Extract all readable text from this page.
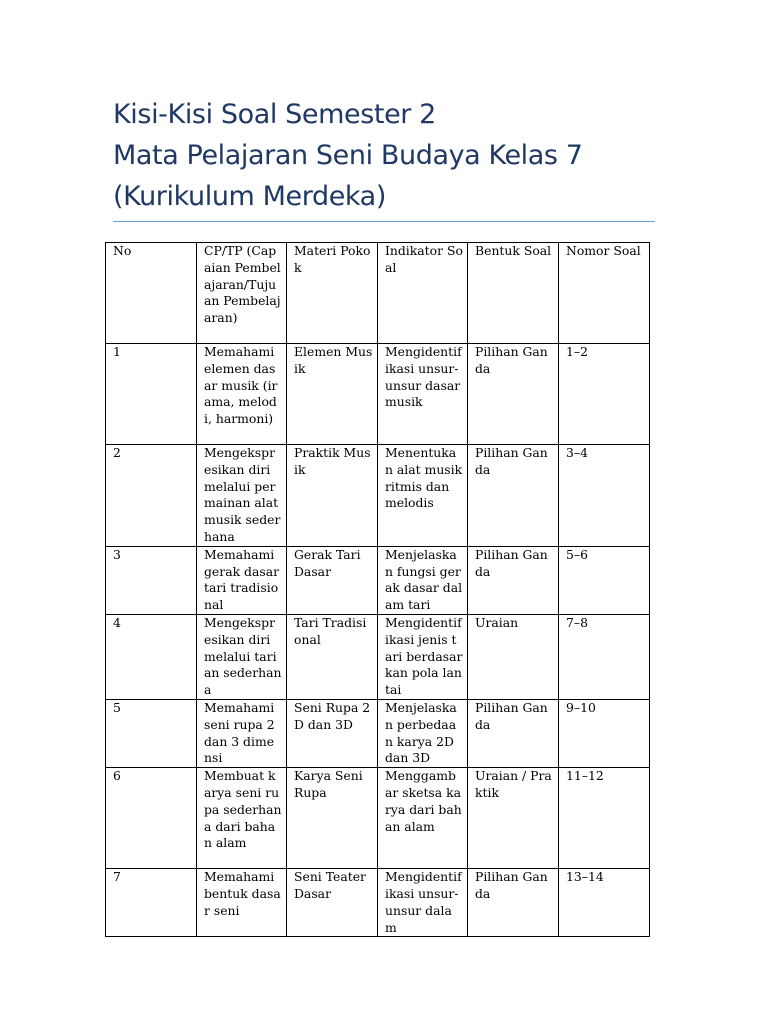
Kisi-Kisi Soal Semester 2
Mata Pelajaran Seni Budaya Kelas 7
(Kurikulum Merdeka)
No	CP/TP (Capaian Pembelajaran/Tujuan Pembelajaran)	Materi Pokok	Indikator Soal	Bentuk Soal	Nomor Soal
1	Memahami elemen dasar musik (irama, melodi, harmoni)	Elemen Musik	Mengidentifikasi unsur-unsur dasar musik	Pilihan Ganda	1–2
2	Mengekspresikan diri melalui permainan alat musik sederhana	Praktik Musik	Menentukan alat musik ritmis dan melodis	Pilihan Ganda	3–4
3	Memahami gerak dasar tari tradisional	Gerak Tari Dasar	Menjelaskan fungsi gerak dasar dalam tari	Pilihan Ganda	5–6
4	Mengekspresikan diri melalui tarian sederhana	Tari Tradisional	Mengidentifikasi jenis tari berdasarkan pola lantai	Uraian	7–8
5	Memahami seni rupa 2 dan 3 dimensi	Seni Rupa 2D dan 3D	Menjelaskan perbedaan karya 2D dan 3D	Pilihan Ganda	9–10
6	Membuat karya seni rupa sederhana dari bahan alam	Karya Seni Rupa	Menggambar sketsa karya dari bahan alam	Uraian / Praktik	11–12
7	Memahami bentuk dasar seni	Seni Teater Dasar	Mengidentifikasi unsur-unsur dalam	Pilihan Ganda	13–14
